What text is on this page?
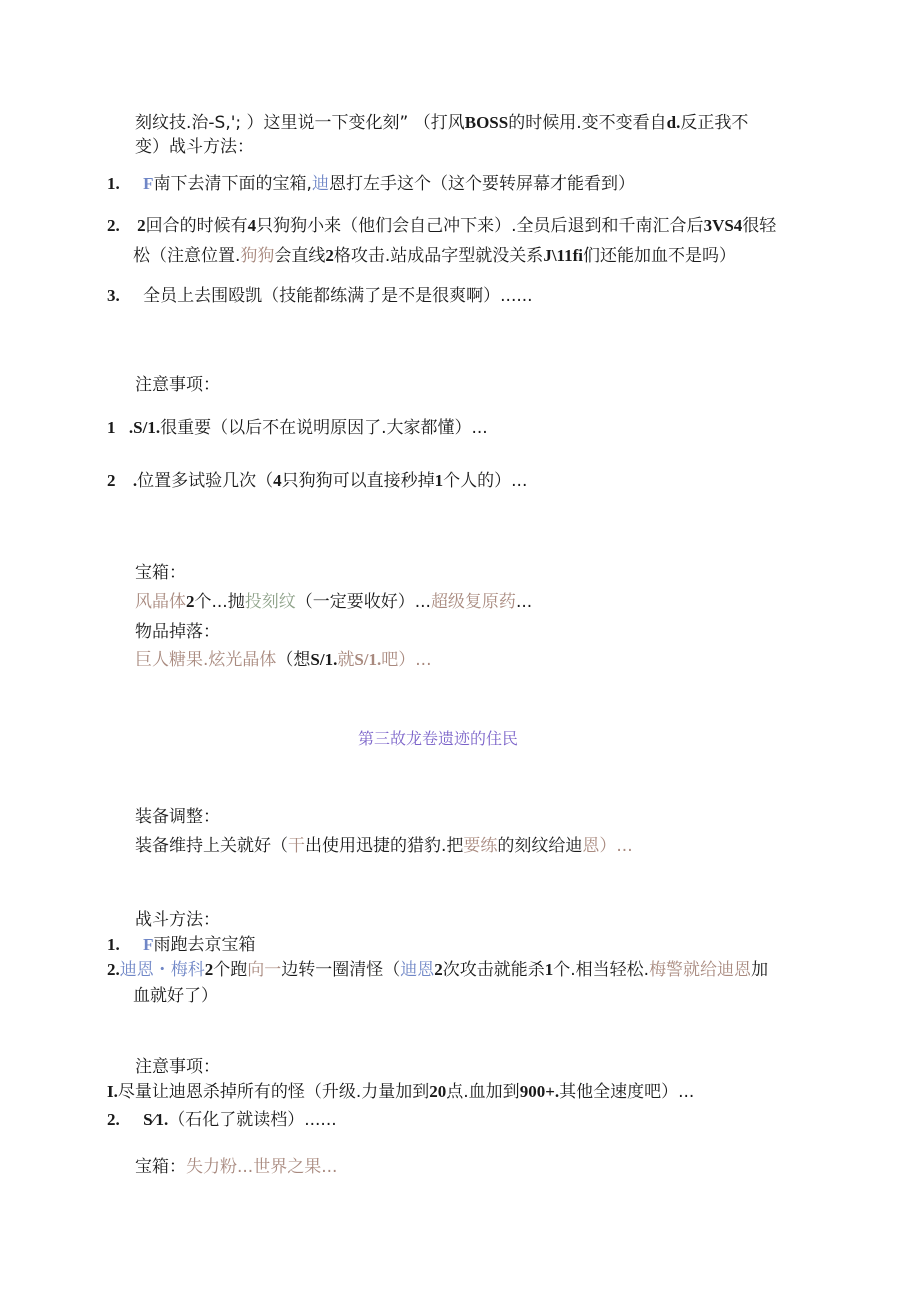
刻纹技.治-S,'; ）这里说一下变化刻” （打风BOSS的时候用.变不变看自d.反正我不
变）战斗方法：
1. F南下去清下面的宝箱,迪恩打左手这个（这个要转屏幕才能看到）
2. 2回合的时候有4只狗狗小来（他们会自己冲下来）.全员后退到和千南汇合后3VS4很轻
松（注意位置.狗狗会直线2格攻击.站成品字型就没关系J\11fi们还能加血不是吗）
3. 全员上去围殴凯（技能都练满了是不是很爽啊）......
注意事项：
1 .S/1.很重要（以后不在说明原因了.大家都懂）...
2 .位置多试验几次（4只狗狗可以直接秒掉1个人的）...
宝箱：
风晶体2个...抛投刻纹（一定要收好）...超级复原药...
物品掉落：
巨人糖果.炫光晶体（想S/1.就S/1.吧）...
第三故龙卷遗迹的住民
装备调整：
装备维持上关就好（干出使用迅捷的猎豹.把要练的刻纹给迪恩）...
战斗方法：
1. F雨跑去京宝箱
2.迪恩・梅科2个跑向一边转一圈清怪（迪恩2次攻击就能杀1个.相当轻松.梅警就给迪恩加
血就好了）
注意事项：
I.尽量让迪恩杀掉所有的怪（升级.力量加到20点.血加到900+.其他全速度吧）...
2. S⁄1.（石化了就读档）......
宝箱：失力粉...世界之果...
